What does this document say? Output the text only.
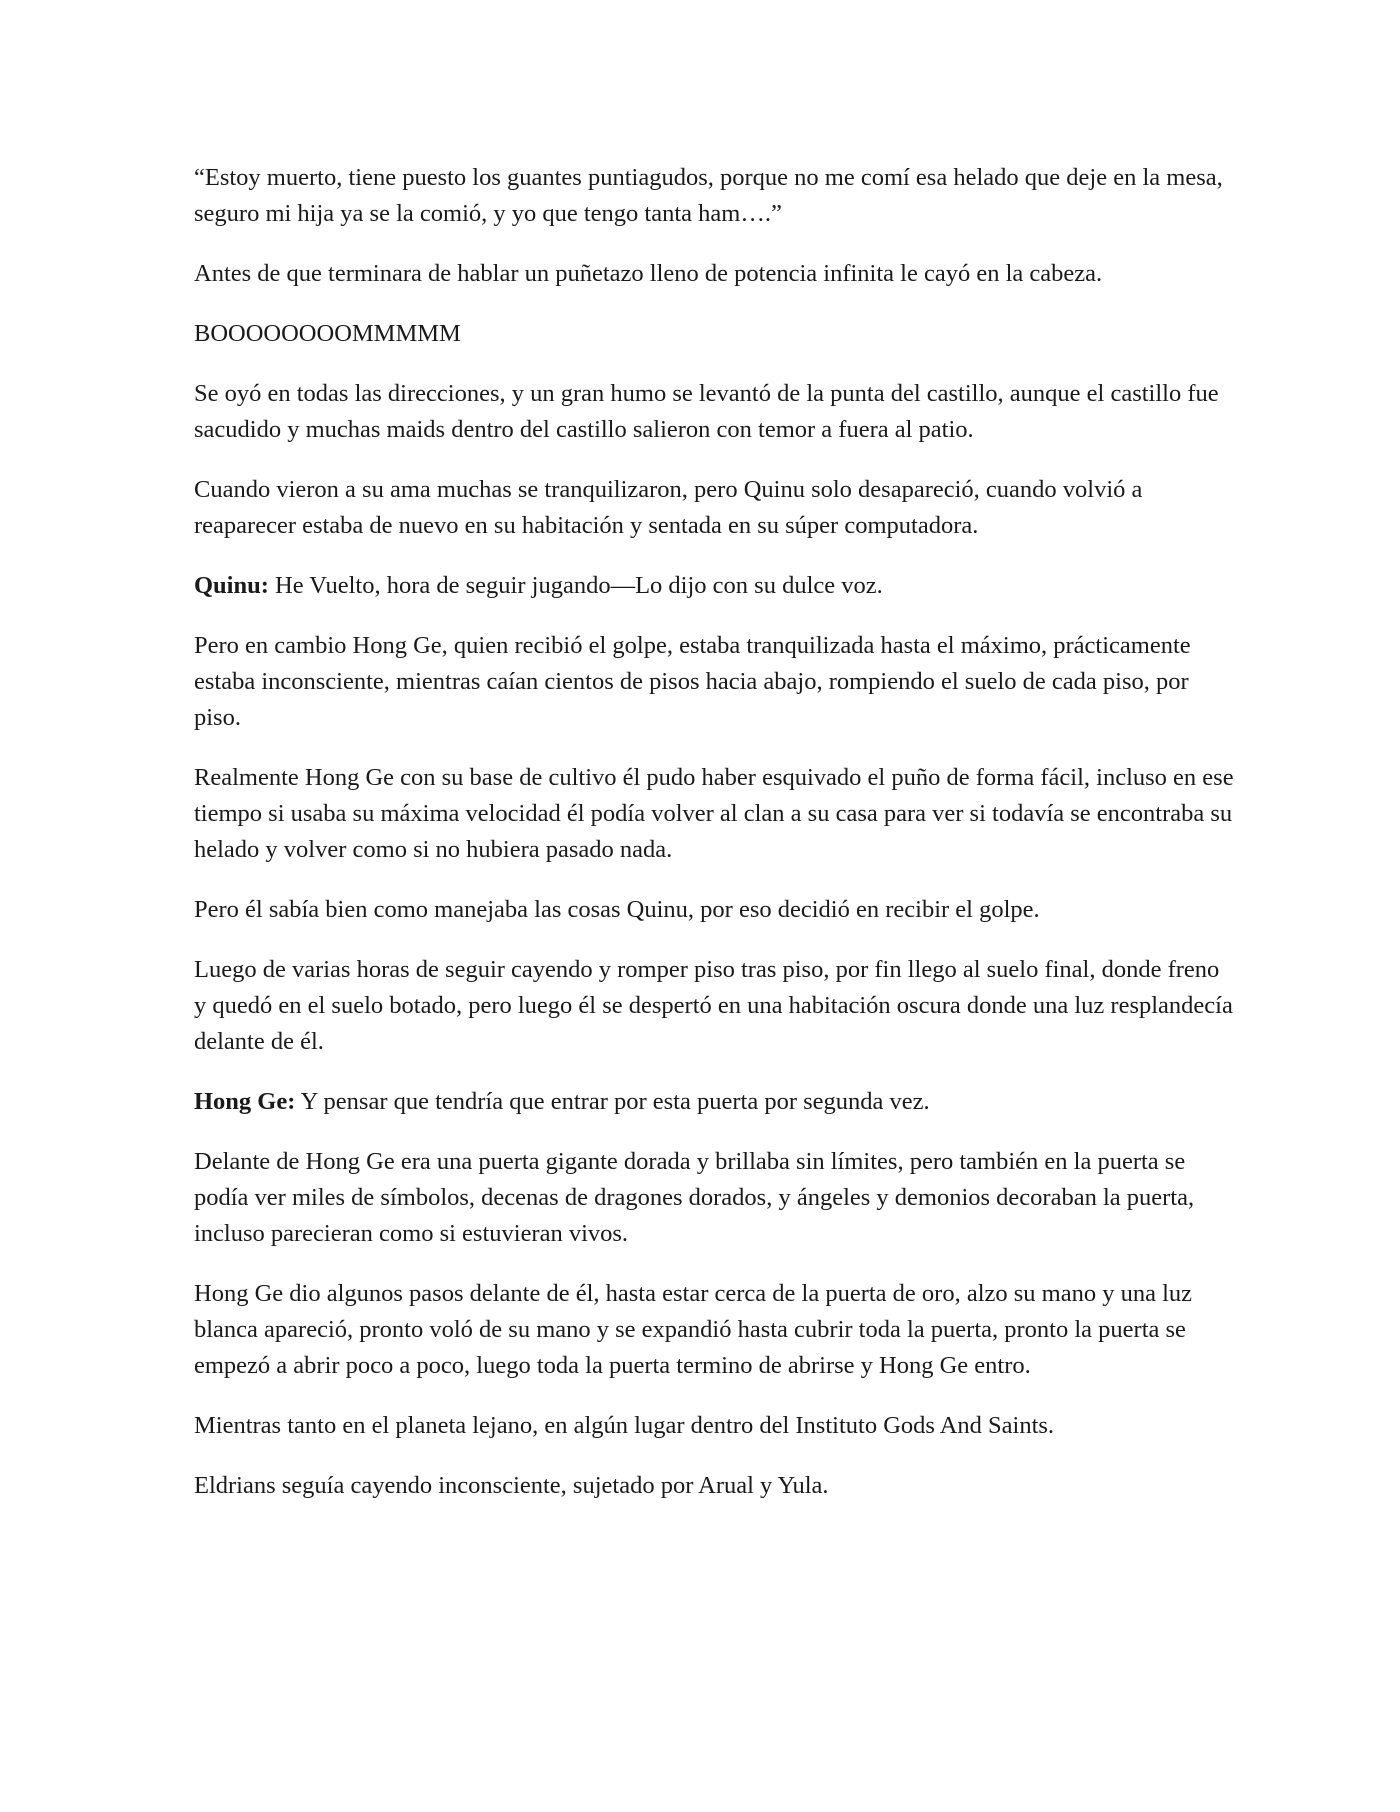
“Estoy muerto, tiene puesto los guantes puntiagudos, porque no me comí esa helado que deje en la mesa, seguro mi hija ya se la comió, y yo que tengo tanta ham….”

Antes de que terminara de hablar un puñetazo lleno de potencia infinita le cayó en la cabeza.

BOOOOOOOOMMMMM

Se oyó en todas las direcciones, y un gran humo se levantó de la punta del castillo, aunque el castillo fue sacudido y muchas maids dentro del castillo salieron con temor a fuera al patio.

Cuando vieron a su ama muchas se tranquilizaron, pero Quinu solo desapareció, cuando volvió a reaparecer estaba de nuevo en su habitación y sentada en su súper computadora.

Quinu: He Vuelto, hora de seguir jugando—Lo dijo con su dulce voz.

Pero en cambio Hong Ge, quien recibió el golpe, estaba tranquilizada hasta el máximo, prácticamente estaba inconsciente, mientras caían cientos de pisos hacia abajo, rompiendo el suelo de cada piso, por piso.

Realmente Hong Ge con su base de cultivo él pudo haber esquivado el puño de forma fácil, incluso en ese tiempo si usaba su máxima velocidad él podía volver al clan a su casa para ver si todavía se encontraba su helado y volver como si no hubiera pasado nada.

Pero él sabía bien como manejaba las cosas Quinu, por eso decidió en recibir el golpe.

Luego de varias horas de seguir cayendo y romper piso tras piso, por fin llego al suelo final, donde freno y quedó en el suelo botado, pero luego él se despertó en una habitación oscura donde una luz resplandecía delante de él.

Hong Ge: Y pensar que tendría que entrar por esta puerta por segunda vez.

Delante de Hong Ge era una puerta gigante dorada y brillaba sin límites, pero también en la puerta se podía ver miles de símbolos, decenas de dragones dorados, y ángeles y demonios decoraban la puerta, incluso parecieran como si estuvieran vivos.

Hong Ge dio algunos pasos delante de él, hasta estar cerca de la puerta de oro, alzo su mano y una luz blanca apareció, pronto voló de su mano y se expandió hasta cubrir toda la puerta, pronto la puerta se empezó a abrir poco a poco, luego toda la puerta termino de abrirse y Hong Ge entro.

Mientras tanto en el planeta lejano, en algún lugar dentro del Instituto Gods And Saints.

Eldrians seguía cayendo inconsciente, sujetado por Arual y Yula.
